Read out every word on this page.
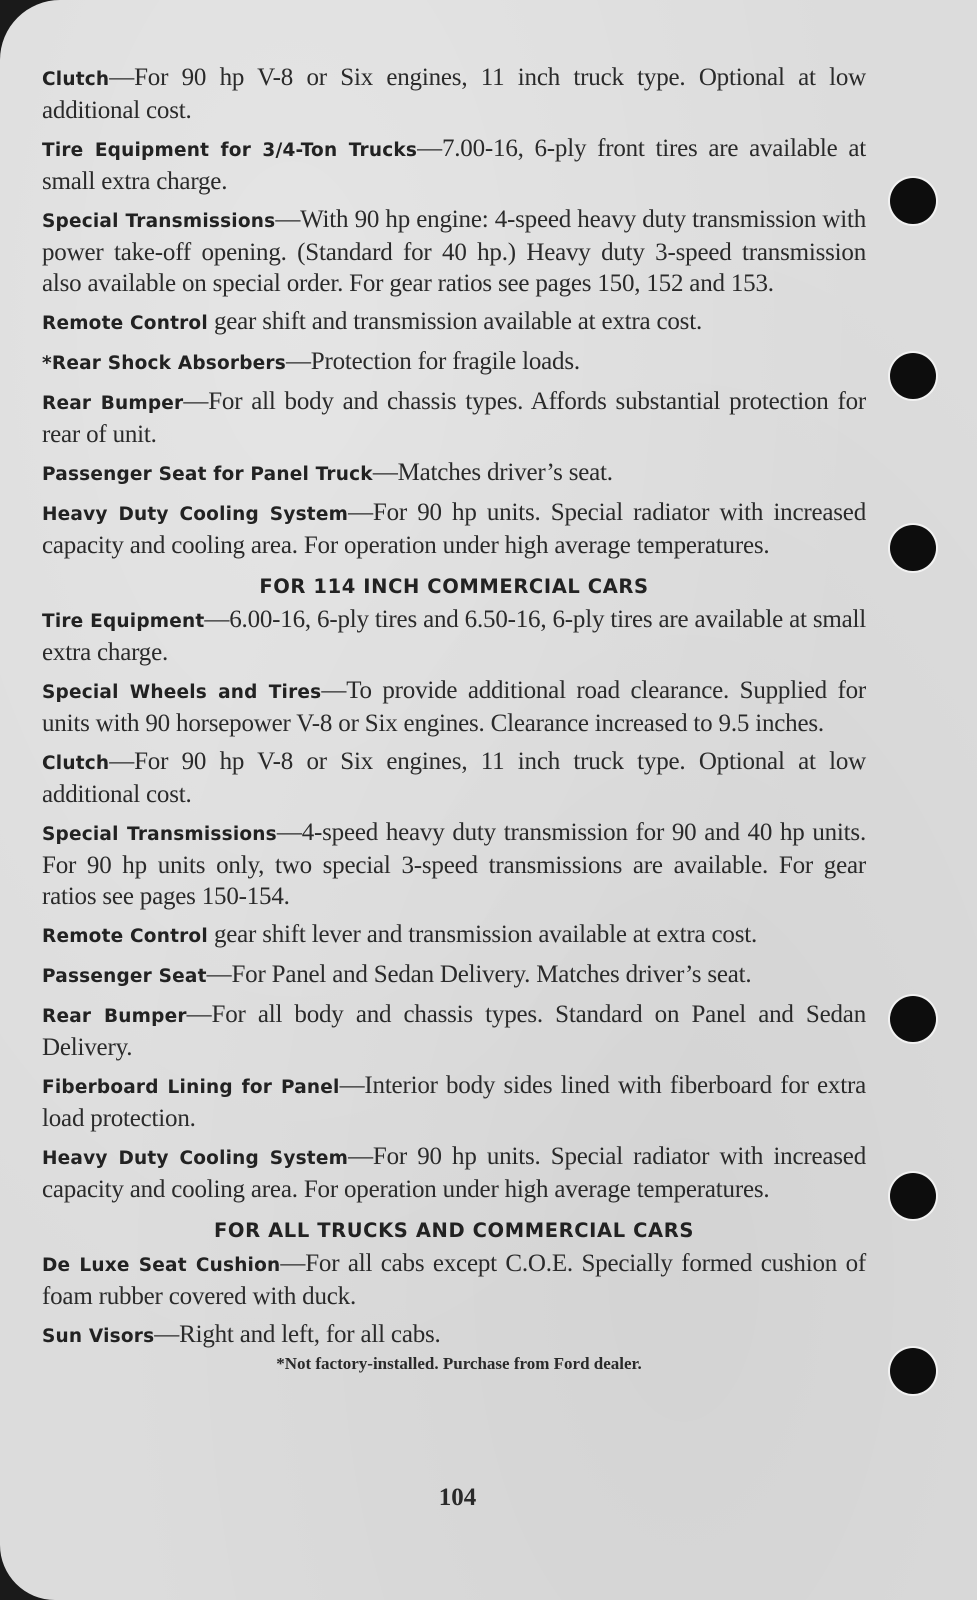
Clutch—For 90 hp V-8 or Six engines, 11 inch truck type. Optional at low additional cost.

Tire Equipment for 3/4-Ton Trucks—7.00-16, 6-ply front tires are available at small extra charge.

Special Transmissions—With 90 hp engine: 4-speed heavy duty transmission with power take-off opening. (Standard for 40 hp.) Heavy duty 3-speed transmission also available on special order. For gear ratios see pages 150, 152 and 153.

Remote Control gear shift and transmission available at extra cost.

*Rear Shock Absorbers—Protection for fragile loads.

Rear Bumper—For all body and chassis types. Affords substantial protection for rear of unit.

Passenger Seat for Panel Truck—Matches driver’s seat.

Heavy Duty Cooling System—For 90 hp units. Special radiator with increased capacity and cooling area. For operation under high average temperatures.

FOR 114 INCH COMMERCIAL CARS

Tire Equipment—6.00-16, 6-ply tires and 6.50-16, 6-ply tires are available at small extra charge.

Special Wheels and Tires—To provide additional road clearance. Supplied for units with 90 horsepower V-8 or Six engines. Clearance increased to 9.5 inches.

Clutch—For 90 hp V-8 or Six engines, 11 inch truck type. Optional at low additional cost.

Special Transmissions—4-speed heavy duty transmission for 90 and 40 hp units. For 90 hp units only, two special 3-speed transmissions are available. For gear ratios see pages 150-154.

Remote Control gear shift lever and transmission available at extra cost.

Passenger Seat—For Panel and Sedan Delivery. Matches driver’s seat.

Rear Bumper—For all body and chassis types. Standard on Panel and Sedan Delivery.

Fiberboard Lining for Panel—Interior body sides lined with fiberboard for extra load protection.

Heavy Duty Cooling System—For 90 hp units. Special radiator with increased capacity and cooling area. For operation under high average temperatures.

FOR ALL TRUCKS AND COMMERCIAL CARS

De Luxe Seat Cushion—For all cabs except C.O.E. Specially formed cushion of foam rubber covered with duck.

Sun Visors—Right and left, for all cabs.

*Not factory-installed. Purchase from Ford dealer.

104
